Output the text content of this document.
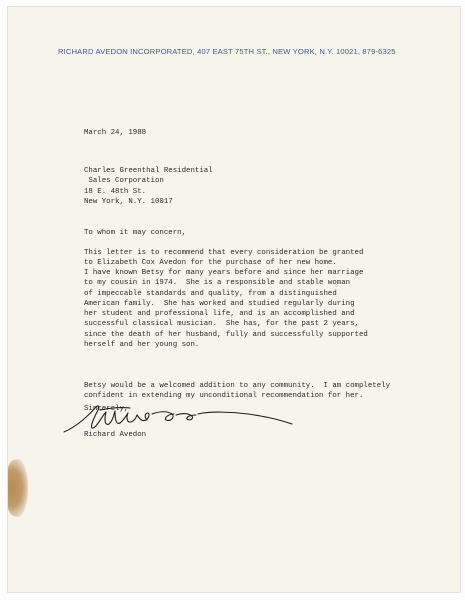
RICHARD AVEDON INCORPORATED, 407 EAST 75TH ST., NEW YORK, N.Y. 10021, 879-6325
March 24, 1988
Charles Greenthal Residential
Sales Corporation
18 E. 48th St.
New York, N.Y. 10017
To whom it may concern,
This letter is to recommend that every consideration be granted
to Elizabeth Cox Avedon for the purchase of her new home.
I have known Betsy for many years before and since her marriage
to my cousin in 1974.  She is a responsible and stable woman
of impeccable standards and quality, from a distinguished
American family.  She has worked and studied regularly during
her student and professional life, and is an accomplished and
successful classical musician.  She has, for the past 2 years,
since the death of her husband, fully and successfully supported
herself and her young son.
Betsy would be a welcomed addition to any community.  I am completely
confident in extending my unconditional recommendation for her.
Sincerely,
Richard Avedon
